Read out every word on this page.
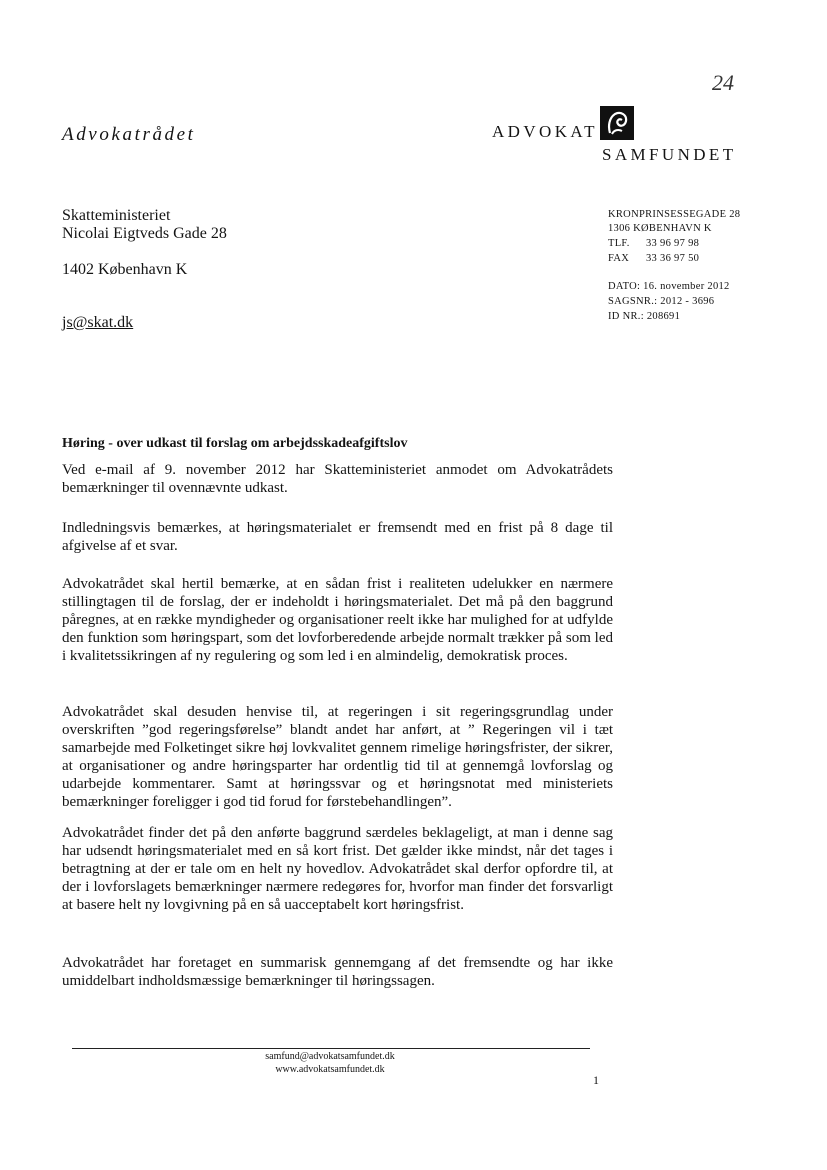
24
Advokatrådet	ADVOKAT
SAMFUNDET
Skatteministeriet
Nicolai Eigtveds Gade 28
1402 København K
js@skat.dk
KRONPRINSESSEGADE 28
1306 KØBENHAVN K
TLF. 33 96 97 98
FAX 33 36 97 50
DATO: 16. november 2012
SAGSNR.: 2012 - 3696
ID NR.: 208691
Høring - over udkast til forslag om arbejdsskadeafgiftslov

Ved e-mail af 9. november 2012 har Skatteministeriet anmodet om Advokatrådets bemærkninger til ovennævnte udkast.

Indledningsvis bemærkes, at høringsmaterialet er fremsendt med en frist på 8 dage til afgivelse af et svar.

Advokatrådet skal hertil bemærke, at en sådan frist i realiteten udelukker en nærmere stillingtagen til de forslag, der er indeholdt i høringsmaterialet. Det må på den baggrund påregnes, at en række myndigheder og organisationer reelt ikke har mulighed for at udfylde den funktion som høringspart, som det lovforberedende arbejde normalt trækker på som led i kvalitetssikringen af ny regulering og som led i en almindelig, demokratisk proces.

Advokatrådet skal desuden henvise til, at regeringen i sit regeringsgrundlag under overskriften ”god regeringsførelse” blandt andet har anført, at ” Regeringen vil i tæt samarbejde med Folketinget sikre høj lovkvalitet gennem rimelige høringsfrister, der sikrer, at organisationer og andre høringsparter har ordentlig tid til at gennemgå lovforslag og udarbejde kommentarer. Samt at høringssvar og et høringsnotat med ministeriets bemærkninger foreligger i god tid forud for førstebehandlingen”.

Advokatrådet finder det på den anførte baggrund særdeles beklageligt, at man i denne sag har udsendt høringsmaterialet med en så kort frist. Det gælder ikke mindst, når det tages i betragtning at der er tale om en helt ny hovedlov. Advokatrådet skal derfor opfordre til, at der i lovforslagets bemærkninger nærmere redegøres for, hvorfor man finder det forsvarligt at basere helt ny lovgivning på en så uacceptabelt kort høringsfrist.

Advokatrådet har foretaget en summarisk gennemgang af det fremsendte og har ikke umiddelbart indholdsmæssige bemærkninger til høringssagen.

samfund@advokatsamfundet.dk
www.advokatsamfundet.dk
1
